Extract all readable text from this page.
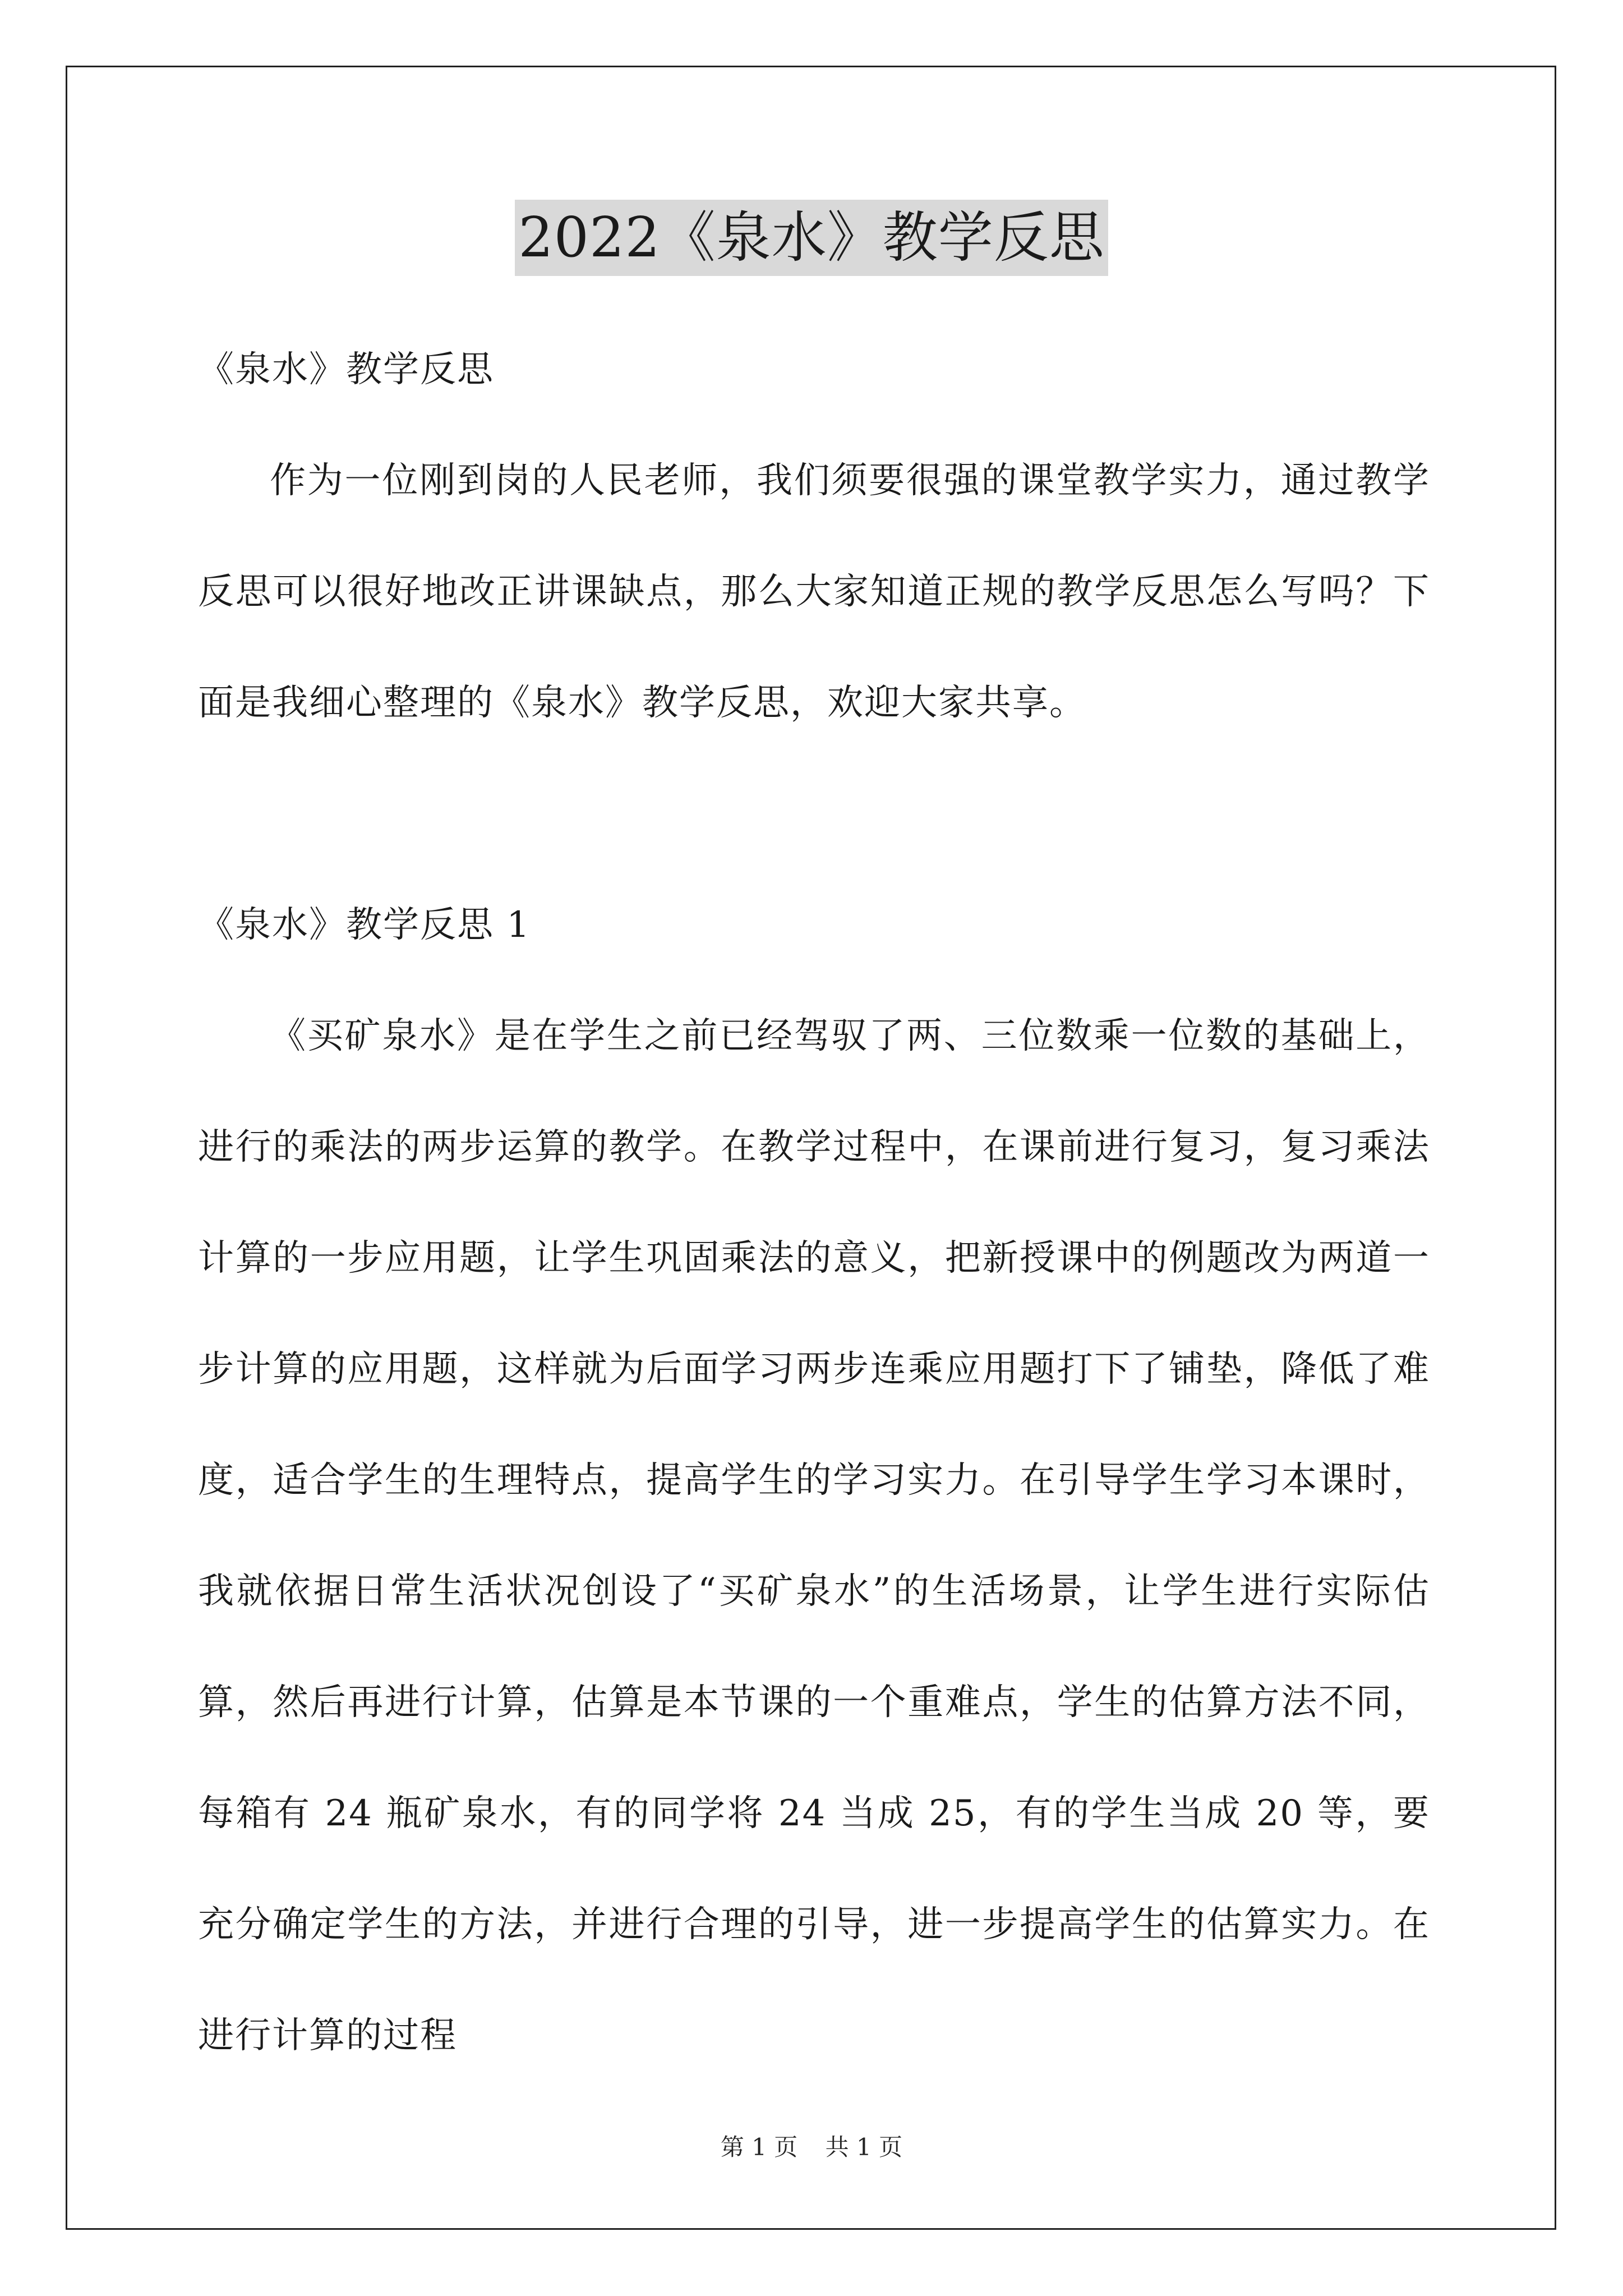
2022《泉水》教学反思

《泉水》教学反思

作为一位刚到岗的人民老师，我们须要很强的课堂教学实力，通过教学反思可以很好地改正讲课缺点，那么大家知道正规的教学反思怎么写吗？下面是我细心整理的《泉水》教学反思，欢迎大家共享。

《泉水》教学反思 1

《买矿泉水》是在学生之前已经驾驭了两、三位数乘一位数的基础上，进行的乘法的两步运算的教学。在教学过程中，在课前进行复习，复习乘法计算的一步应用题，让学生巩固乘法的意义，把新授课中的例题改为两道一步计算的应用题，这样就为后面学习两步连乘应用题打下了铺垫，降低了难度，适合学生的生理特点，提高学生的学习实力。在引导学生学习本课时，我就依据日常生活状况创设了“买矿泉水”的生活场景，让学生进行实际估算，然后再进行计算，估算是本节课的一个重难点，学生的估算方法不同，每箱有 24 瓶矿泉水，有的同学将 24 当成 25，有的学生当成 20 等，要充分确定学生的方法，并进行合理的引导，进一步提高学生的估算实力。在进行计算的过程

第 1 页 共 1 页
